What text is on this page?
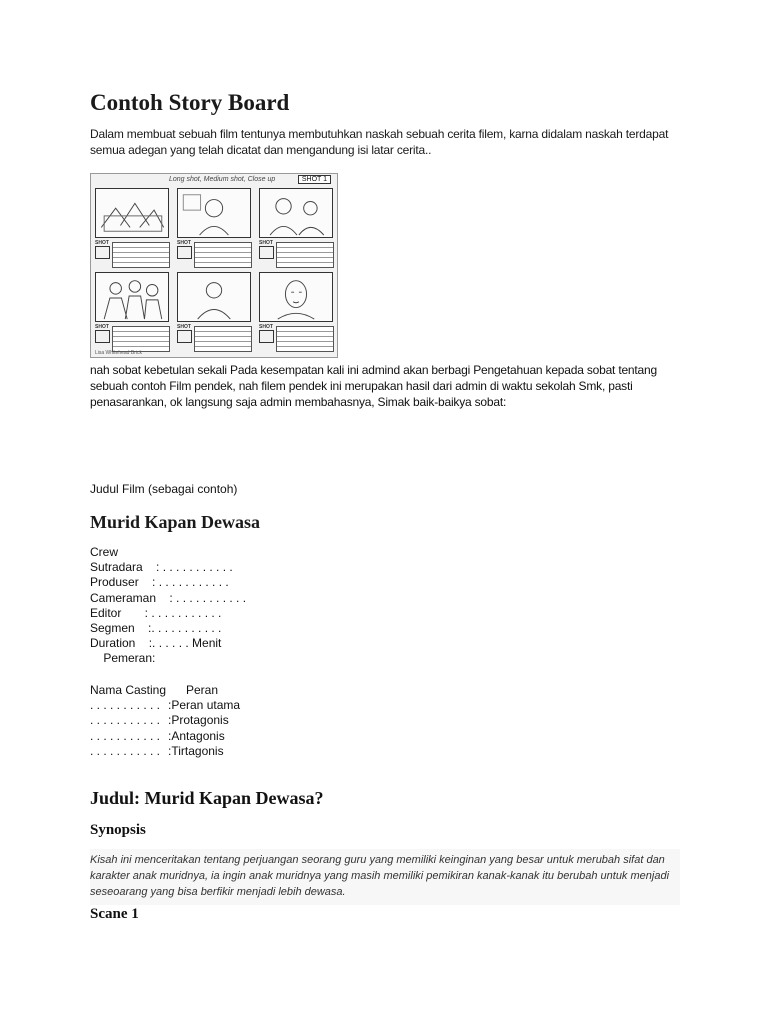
Contoh Story Board

Dalam membuat sebuah film tentunya membutuhkan naskah sebuah cerita filem, karna didalam naskah terdapat semua adegan yang telah dicatat dan mengandung isi latar cerita..

Long shot, Medium shot, Close up	SHOT 1
SHOT	SHOT	SHOT
SHOT	SHOT	SHOT
Lisa Whitehead Brick

nah sobat kebetulan sekali Pada kesempatan kali ini admind akan berbagi Pengetahuan kepada sobat tentang sebuah contoh Film pendek, nah filem pendek ini merupakan hasil dari admin di waktu sekolah Smk, pasti penasarankan, ok langsung saja admin membahasnya, Simak baik-baikya sobat:

Judul Film (sebagai contoh)
Murid Kapan Dewasa
Crew
Sutradara    : . . . . . . . . . . .
Produser    : . . . . . . . . . . .
Cameraman    : . . . . . . . . . . .
Editor       : . . . . . . . . . . .
Segmen    :. . . . . . . . . . .
Duration    :. . . . . . Menit
Pemeran:
Nama Casting Peran
. . . . . . . . . . . :Peran utama
. . . . . . . . . . . :Protagonis
. . . . . . . . . . . :Antagonis
. . . . . . . . . . . :Tirtagonis
Judul: Murid Kapan Dewasa?
Synopsis

Kisah ini menceritakan tentang perjuangan seorang guru yang memiliki keinginan yang besar untuk merubah sifat dan karakter anak muridnya, ia ingin anak muridnya yang masih memiliki pemikiran kanak-kanak itu berubah untuk menjadi seseoarang yang bisa berfikir menjadi lebih dewasa.

Scane 1
